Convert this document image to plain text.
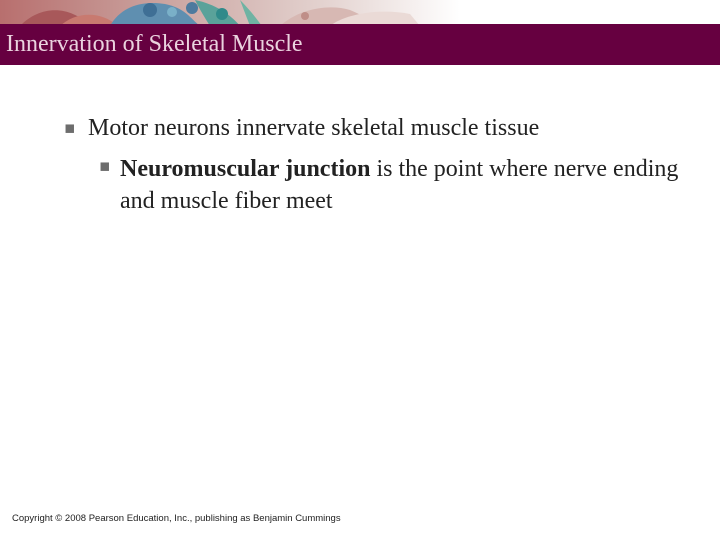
Innervation of Skeletal Muscle
▪ Motor neurons innervate skeletal muscle tissue
▪ Neuromuscular junction is the point where nerve ending and muscle fiber meet
Copyright © 2008 Pearson Education, Inc., publishing as Benjamin Cummings
